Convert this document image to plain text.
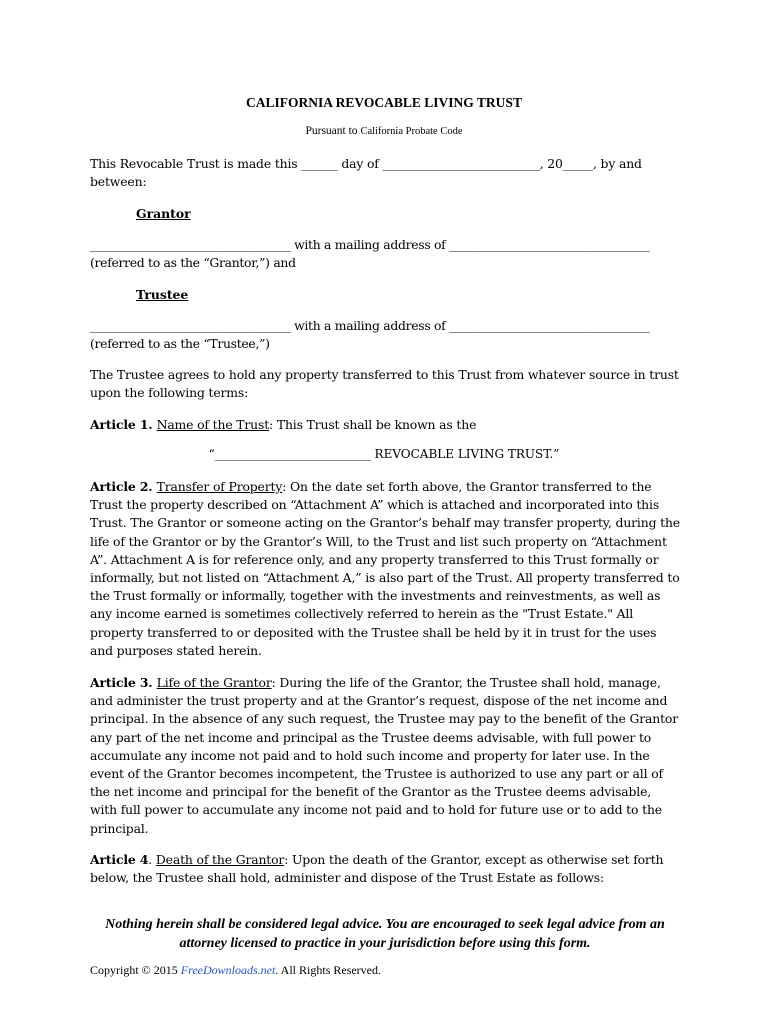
CALIFORNIA REVOCABLE LIVING TRUST
Pursuant to California Probate Code
This Revocable Trust is made this ______ day of __________________________, 20_____, by and between:
Grantor
__________________________________ with a mailing address of __________________________________
(referred to as the “Grantor,”) and
Trustee
__________________________________ with a mailing address of __________________________________
(referred to as the “Trustee,”)
The Trustee agrees to hold any property transferred to this Trust from whatever source in trust upon the following terms:
Article 1. Name of the Trust: This Trust shall be known as the
“__________________________ REVOCABLE LIVING TRUST.”
Article 2. Transfer of Property: On the date set forth above, the Grantor transferred to the Trust the property described on “Attachment A” which is attached and incorporated into this Trust. The Grantor or someone acting on the Grantor’s behalf may transfer property, during the life of the Grantor or by the Grantor’s Will, to the Trust and list such property on “Attachment A”. Attachment A is for reference only, and any property transferred to this Trust formally or informally, but not listed on “Attachment A,” is also part of the Trust. All property transferred to the Trust formally or informally, together with the investments and reinvestments, as well as any income earned is sometimes collectively referred to herein as the "Trust Estate." All property transferred to or deposited with the Trustee shall be held by it in trust for the uses and purposes stated herein.
Article 3. Life of the Grantor: During the life of the Grantor, the Trustee shall hold, manage, and administer the trust property and at the Grantor’s request, dispose of the net income and principal. In the absence of any such request, the Trustee may pay to the benefit of the Grantor any part of the net income and principal as the Trustee deems advisable, with full power to accumulate any income not paid and to hold such income and property for later use. In the event of the Grantor becomes incompetent, the Trustee is authorized to use any part or all of the net income and principal for the benefit of the Grantor as the Trustee deems advisable, with full power to accumulate any income not paid and to hold for future use or to add to the principal.
Article 4. Death of the Grantor: Upon the death of the Grantor, except as otherwise set forth below, the Trustee shall hold, administer and dispose of the Trust Estate as follows:
Nothing herein shall be considered legal advice. You are encouraged to seek legal advice from an attorney licensed to practice in your jurisdiction before using this form.
Copyright © 2015 FreeDownloads.net. All Rights Reserved.
